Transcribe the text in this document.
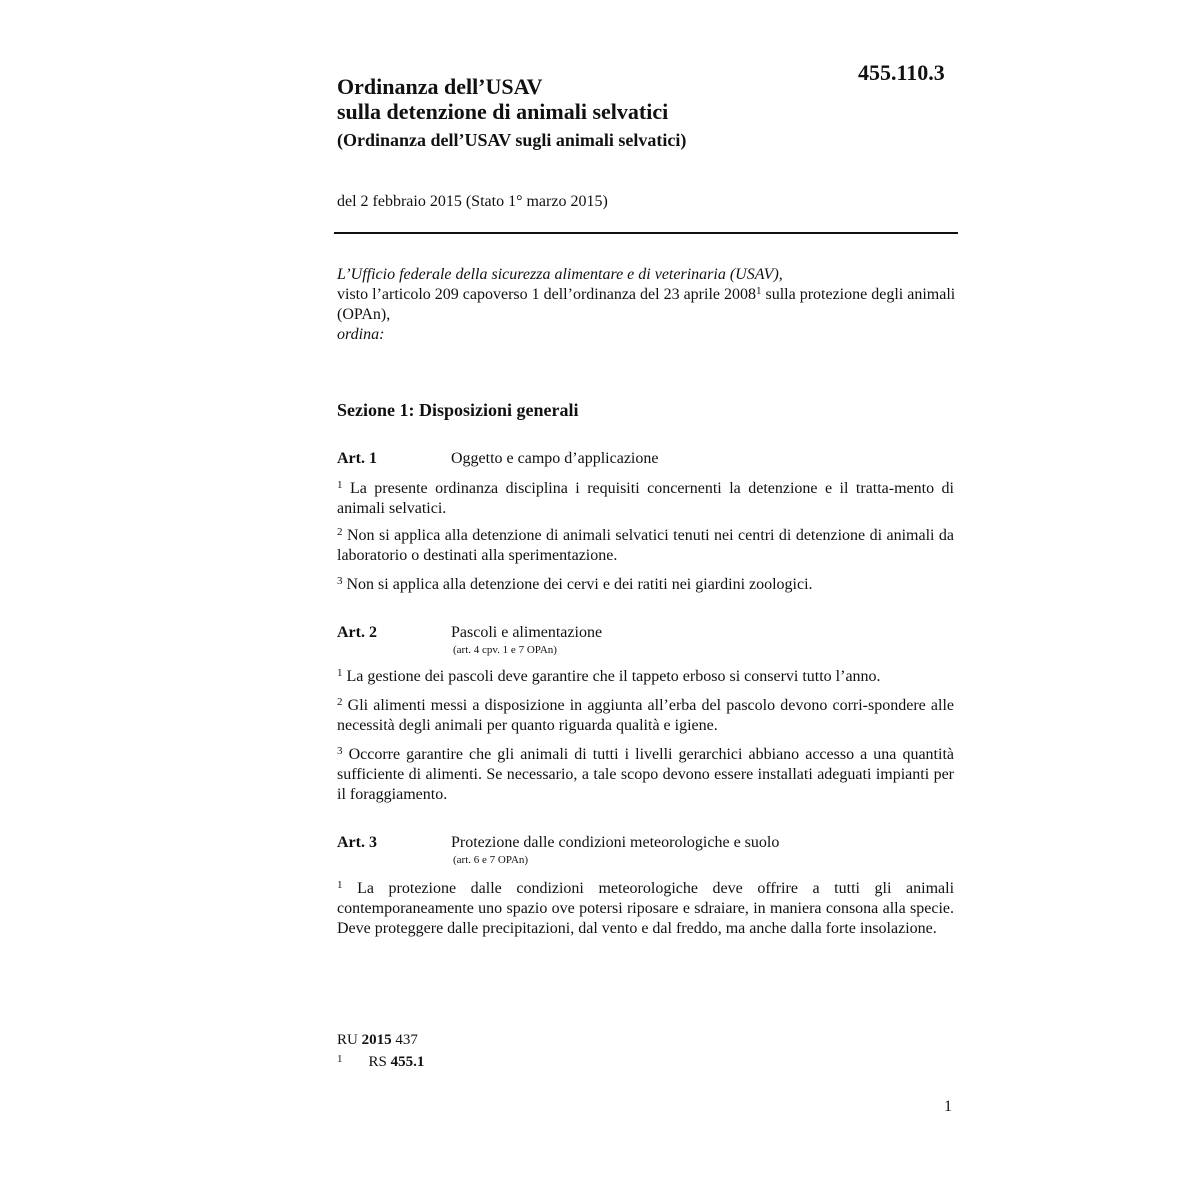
455.110.3
Ordinanza dell’USAV
sulla detenzione di animali selvatici
(Ordinanza dell’USAV sugli animali selvatici)
del 2 febbraio 2015 (Stato 1° marzo 2015)
L’Ufficio federale della sicurezza alimentare e di veterinaria (USAV),
visto l’articolo 209 capoverso 1 dell’ordinanza del 23 aprile 2008$^1$ sulla protezione degli animali (OPAn),
ordina:
Sezione 1: Disposizioni generali
Art. 1	Oggetto e campo d’applicazione
$^1$ La presente ordinanza disciplina i requisiti concernenti la detenzione e il tratta-mento di animali selvatici.
$^2$ Non si applica alla detenzione di animali selvatici tenuti nei centri di detenzione di animali da laboratorio o destinati alla sperimentazione.
$^3$ Non si applica alla detenzione dei cervi e dei ratiti nei giardini zoologici.
Art. 2	Pascoli e alimentazione
(art. 4 cpv. 1 e 7 OPAn)
$^1$ La gestione dei pascoli deve garantire che il tappeto erboso si conservi tutto l’anno.
$^2$ Gli alimenti messi a disposizione in aggiunta all’erba del pascolo devono corri-spondere alle necessità degli animali per quanto riguarda qualità e igiene.
$^3$ Occorre garantire che gli animali di tutti i livelli gerarchici abbiano accesso a una quantità sufficiente di alimenti. Se necessario, a tale scopo devono essere installati adeguati impianti per il foraggiamento.
Art. 3	Protezione dalle condizioni meteorologiche e suolo
(art. 6 e 7 OPAn)
$^1$ La protezione dalle condizioni meteorologiche deve offrire a tutti gli animali contemporaneamente uno spazio ove potersi riposare e sdraiare, in maniera consona alla specie. Deve proteggere dalle precipitazioni, dal vento e dal freddo, ma anche dalla forte insolazione.
RU 2015 437
$^1$ RS 455.1
1
